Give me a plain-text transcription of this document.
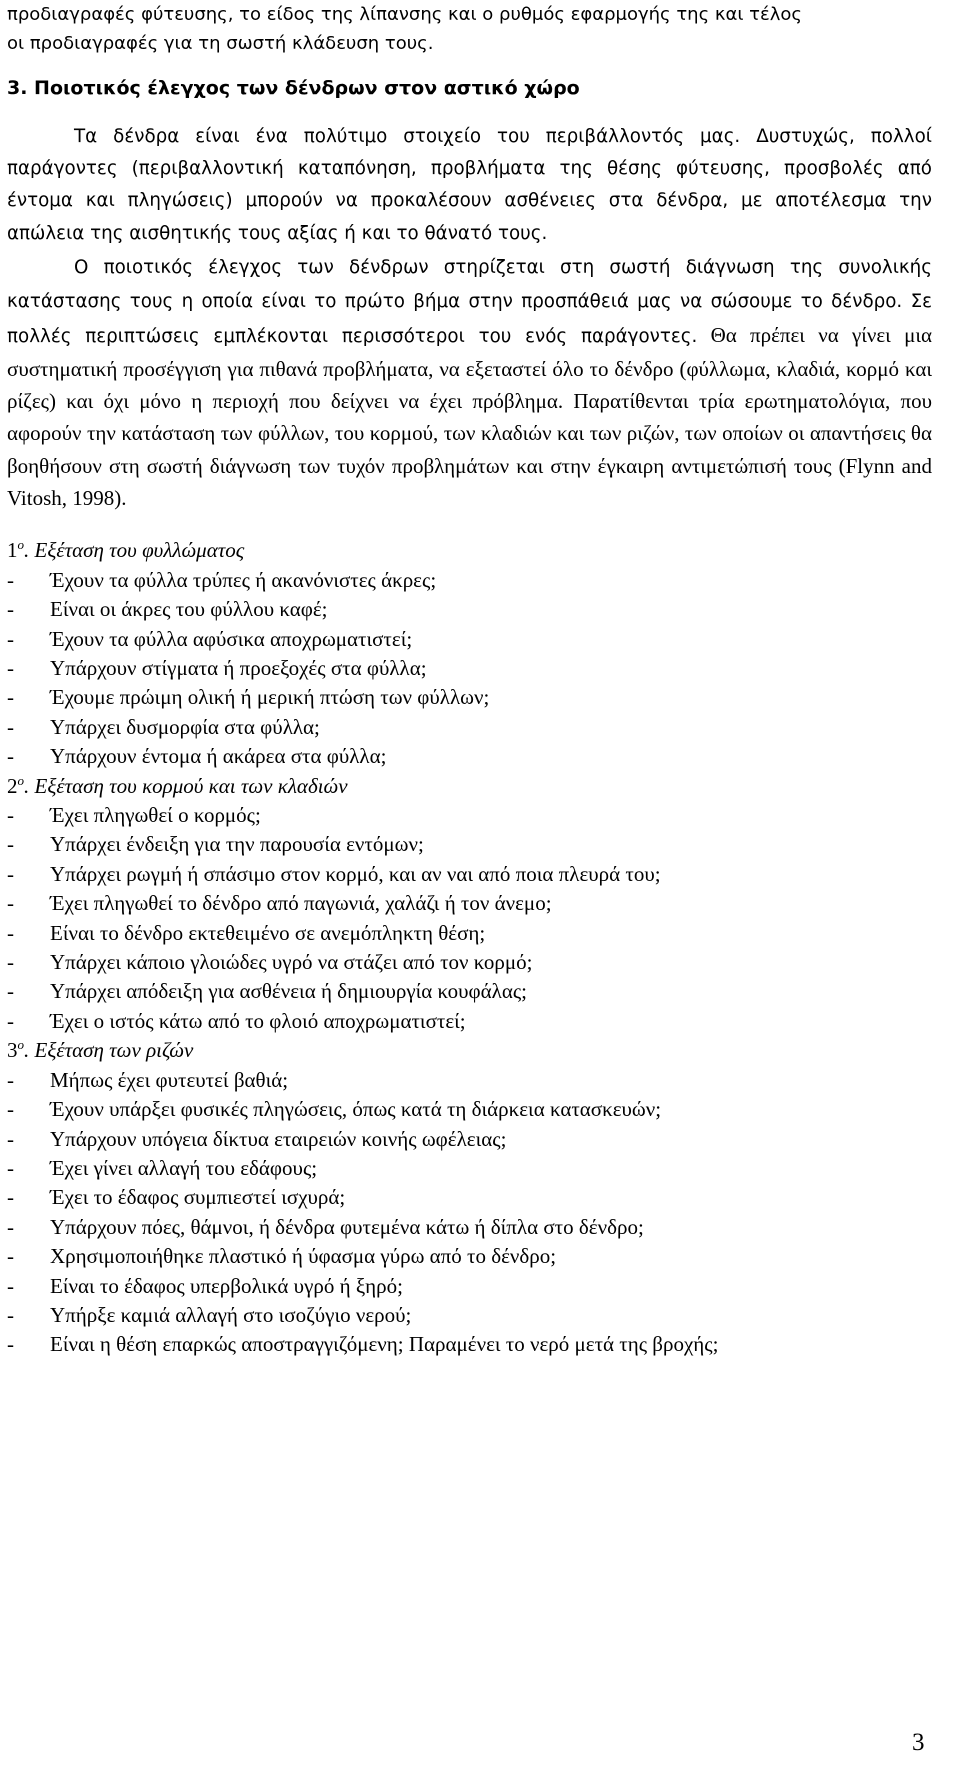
προδιαγραφές φύτευσης, το είδος της λίπανσης και ο ρυθμός εφαρμογής της και τέλος
οι προδιαγραφές για τη σωστή κλάδευση τους.

3. Ποιοτικός έλεγχος των δένδρων στον αστικό χώρο

Τα δένδρα είναι ένα πολύτιμο στοιχείο του περιβάλλοντός μας. Δυστυχώς, πολλοί παράγοντες (περιβαλλοντική καταπόνηση, προβλήματα της θέσης φύτευσης, προσβολές από έντομα και πληγώσεις) μπορούν να προκαλέσουν ασθένειες στα δένδρα, με αποτέλεσμα την απώλεια της αισθητικής τους αξίας ή και το θάνατό τους.

Ο ποιοτικός έλεγχος των δένδρων στηρίζεται στη σωστή διάγνωση της συνολικής κατάστασης τους η οποία είναι το πρώτο βήμα στην προσπάθειά μας να σώσουμε το δένδρο. Σε πολλές περιπτώσεις εμπλέκονται περισσότεροι του ενός παράγοντες. Θα πρέπει να γίνει μια συστηματική προσέγγιση για πιθανά προβλήματα, να εξεταστεί όλο το δένδρο (φύλλωμα, κλαδιά, κορμό και ρίζες) και όχι μόνο η περιοχή που δείχνει να έχει πρόβλημα. Παρατίθενται τρία ερωτηματολόγια, που αφορούν την κατάσταση των φύλλων, του κορμού, των κλαδιών και των ριζών, των οποίων οι απαντήσεις θα βοηθήσουν στη σωστή διάγνωση των τυχόν προβλημάτων και στην έγκαιρη αντιμετώπισή τους (Flynn and Vitosh, 1998).

$1^o$. Εξέταση του φυλλώματος

- Έχουν τα φύλλα τρύπες ή ακανόνιστες άκρες;
- Είναι οι άκρες του φύλλου καφέ;
- Έχουν τα φύλλα αφύσικα αποχρωματιστεί;
- Υπάρχουν στίγματα ή προεξοχές στα φύλλα;
- Έχουμε πρώιμη ολική ή μερική πτώση των φύλλων;
- Υπάρχει δυσμορφία στα φύλλα;
- Υπάρχουν έντομα ή ακάρεα στα φύλλα;

$2^o$. Εξέταση του κορμού και των κλαδιών

- Έχει πληγωθεί ο κορμός;
- Υπάρχει ένδειξη για την παρουσία εντόμων;
- Υπάρχει ρωγμή ή σπάσιμο στον κορμό, και αν ναι από ποια πλευρά του;
- Έχει πληγωθεί το δένδρο από παγωνιά, χαλάζι ή τον άνεμο;
- Είναι το δένδρο εκτεθειμένο σε ανεμόπληκτη θέση;
- Υπάρχει κάποιο γλοιώδες υγρό να στάζει από τον κορμό;
- Υπάρχει απόδειξη για ασθένεια ή δημιουργία κουφάλας;
- Έχει ο ιστός κάτω από το φλοιό αποχρωματιστεί;

$3^o$. Εξέταση των ριζών

- Μήπως έχει φυτευτεί βαθιά;
- Έχουν υπάρξει φυσικές πληγώσεις, όπως κατά τη διάρκεια κατασκευών;
- Υπάρχουν υπόγεια δίκτυα εταιρειών κοινής ωφέλειας;
- Έχει γίνει αλλαγή του εδάφους;
- Έχει το έδαφος συμπιεστεί ισχυρά;
- Υπάρχουν πόες, θάμνοι, ή δένδρα φυτεμένα κάτω ή δίπλα στο δένδρο;
- Χρησιμοποιήθηκε πλαστικό ή ύφασμα γύρω από το δένδρο;
- Είναι το έδαφος υπερβολικά υγρό ή ξηρό;
- Υπήρξε καμιά αλλαγή στο ισοζύγιο νερού;
- Είναι η θέση επαρκώς αποστραγγιζόμενη; Παραμένει το νερό μετά της βροχής;
3
